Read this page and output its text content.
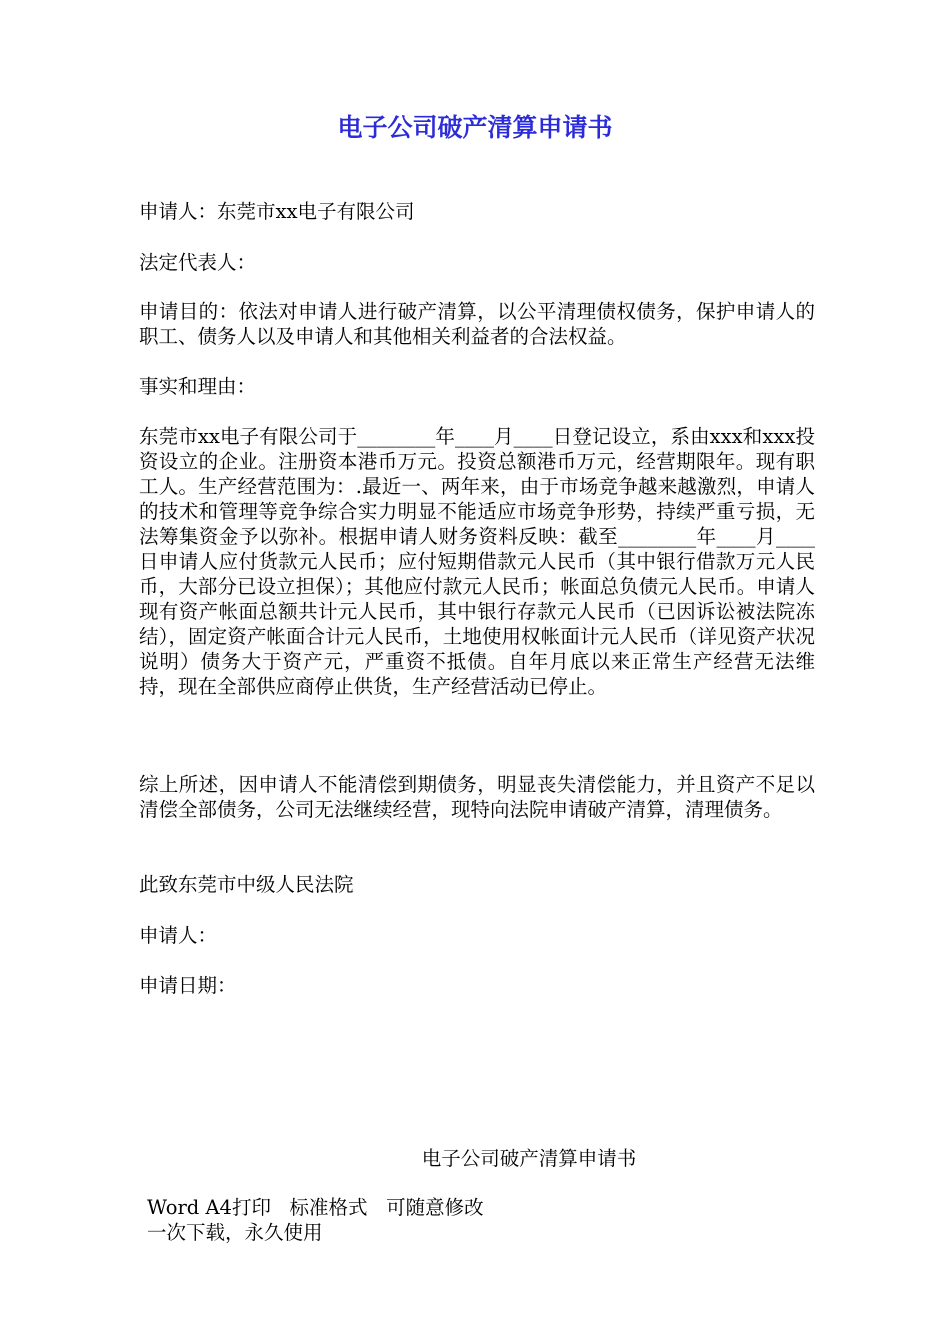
电子公司破产清算申请书

申请人：东莞市xx电子有限公司

法定代表人：

申请目的：依法对申请人进行破产清算，以公平清理债权债务，保护申请人的职工、债务人以及申请人和其他相关利益者的合法权益。

事实和理由：

东莞市xx电子有限公司于________年____月____日登记设立，系由xxx和xxx投资设立的企业。注册资本港币万元。投资总额港币万元，经营期限年。现有职工人。生产经营范围为：.最近一、两年来，由于市场竞争越来越激烈，申请人的技术和管理等竞争综合实力明显不能适应市场竞争形势，持续严重亏损，无法筹集资金予以弥补。根据申请人财务资料反映：截至________年____月____日申请人应付货款元人民币；应付短期借款元人民币（其中银行借款万元人民币，大部分已设立担保）；其他应付款元人民币；帐面总负债元人民币。申请人现有资产帐面总额共计元人民币，其中银行存款元人民币（已因诉讼被法院冻结），固定资产帐面合计元人民币，土地使用权帐面计元人民币（详见资产状况说明）债务大于资产元，严重资不抵债。自年月底以来正常生产经营无法维持，现在全部供应商停止供货，生产经营活动已停止。

综上所述，因申请人不能清偿到期债务，明显丧失清偿能力，并且资产不足以清偿全部债务，公司无法继续经营，现特向法院申请破产清算，清理债务。

此致东莞市中级人民法院

申请人：

申请日期：

电子公司破产清算申请书
Word A4打印   标准格式   可随意修改
一次下载，永久使用
